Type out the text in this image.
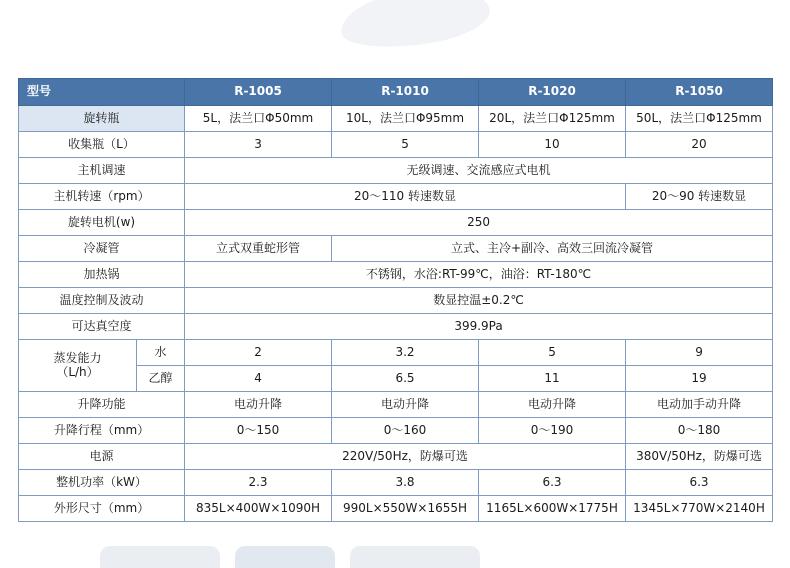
型号		R-1005	R-1010	R-1020	R-1050
旋转瓶		5L，法兰口Φ50mm	10L，法兰口Φ95mm	20L，法兰口Φ125mm	50L，法兰口Φ125mm
收集瓶（L）		3	5	10	20
主机调速		无级调速、交流感应式电机			
主机转速（rpm）		20～110 转速数显			20～90 转速数显
旋转电机(w)		250			
冷凝管		立式双重蛇形管	立式、主冷+副冷、高效三回流冷凝管		
加热锅		不锈钢，水浴:RT-99℃，油浴：RT-180℃			
温度控制及波动		数显控温±0.2℃			
可达真空度		399.9Pa			
蒸发能力
（L/h）	水	2	3.2	5	9
	乙醇	4	6.5	11	19
升降功能		电动升降	电动升降	电动升降	电动加手动升降
升降行程（mm）		0～150	0～160	0～190	0～180
电源		220V/50Hz，防爆可选			380V/50Hz，防爆可选
整机功率（kW）		2.3	3.8	6.3	6.3
外形尺寸（mm）		835L×400W×1090H	990L×550W×1655H	1165L×600W×1775H	1345L×770W×2140H
